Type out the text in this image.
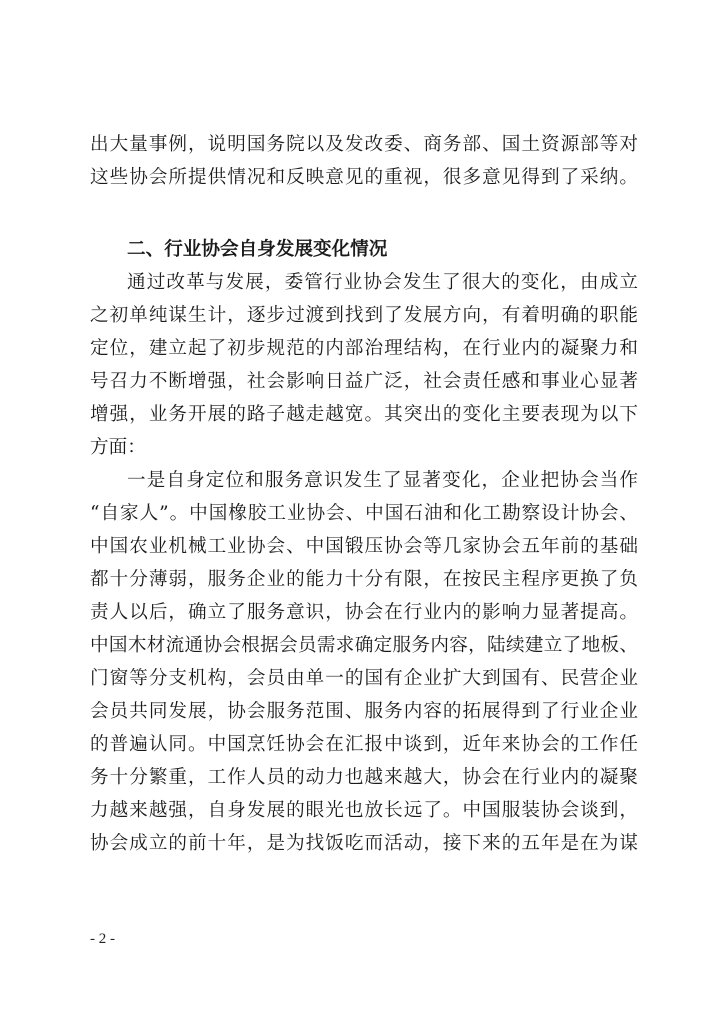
出大量事例，说明国务院以及发改委、商务部、国土资源部等对
这些协会所提供情况和反映意见的重视，很多意见得到了采纳。
二、行业协会自身发展变化情况
通过改革与发展，委管行业协会发生了很大的变化，由成立
之初单纯谋生计，逐步过渡到找到了发展方向，有着明确的职能
定位，建立起了初步规范的内部治理结构，在行业内的凝聚力和
号召力不断增强，社会影响日益广泛，社会责任感和事业心显著
增强，业务开展的路子越走越宽。其突出的变化主要表现为以下
方面：
一是自身定位和服务意识发生了显著变化，企业把协会当作
“自家人”。中国橡胶工业协会、中国石油和化工勘察设计协会、
中国农业机械工业协会、中国锻压协会等几家协会五年前的基础
都十分薄弱，服务企业的能力十分有限，在按民主程序更换了负
责人以后，确立了服务意识，协会在行业内的影响力显著提高。
中国木材流通协会根据会员需求确定服务内容，陆续建立了地板、
门窗等分支机构，会员由单一的国有企业扩大到国有、民营企业
会员共同发展，协会服务范围、服务内容的拓展得到了行业企业
的普遍认同。中国烹饪协会在汇报中谈到，近年来协会的工作任
务十分繁重，工作人员的动力也越来越大，协会在行业内的凝聚
力越来越强，自身发展的眼光也放长远了。中国服装协会谈到，
协会成立的前十年，是为找饭吃而活动，接下来的五年是在为谋
- 2 -
